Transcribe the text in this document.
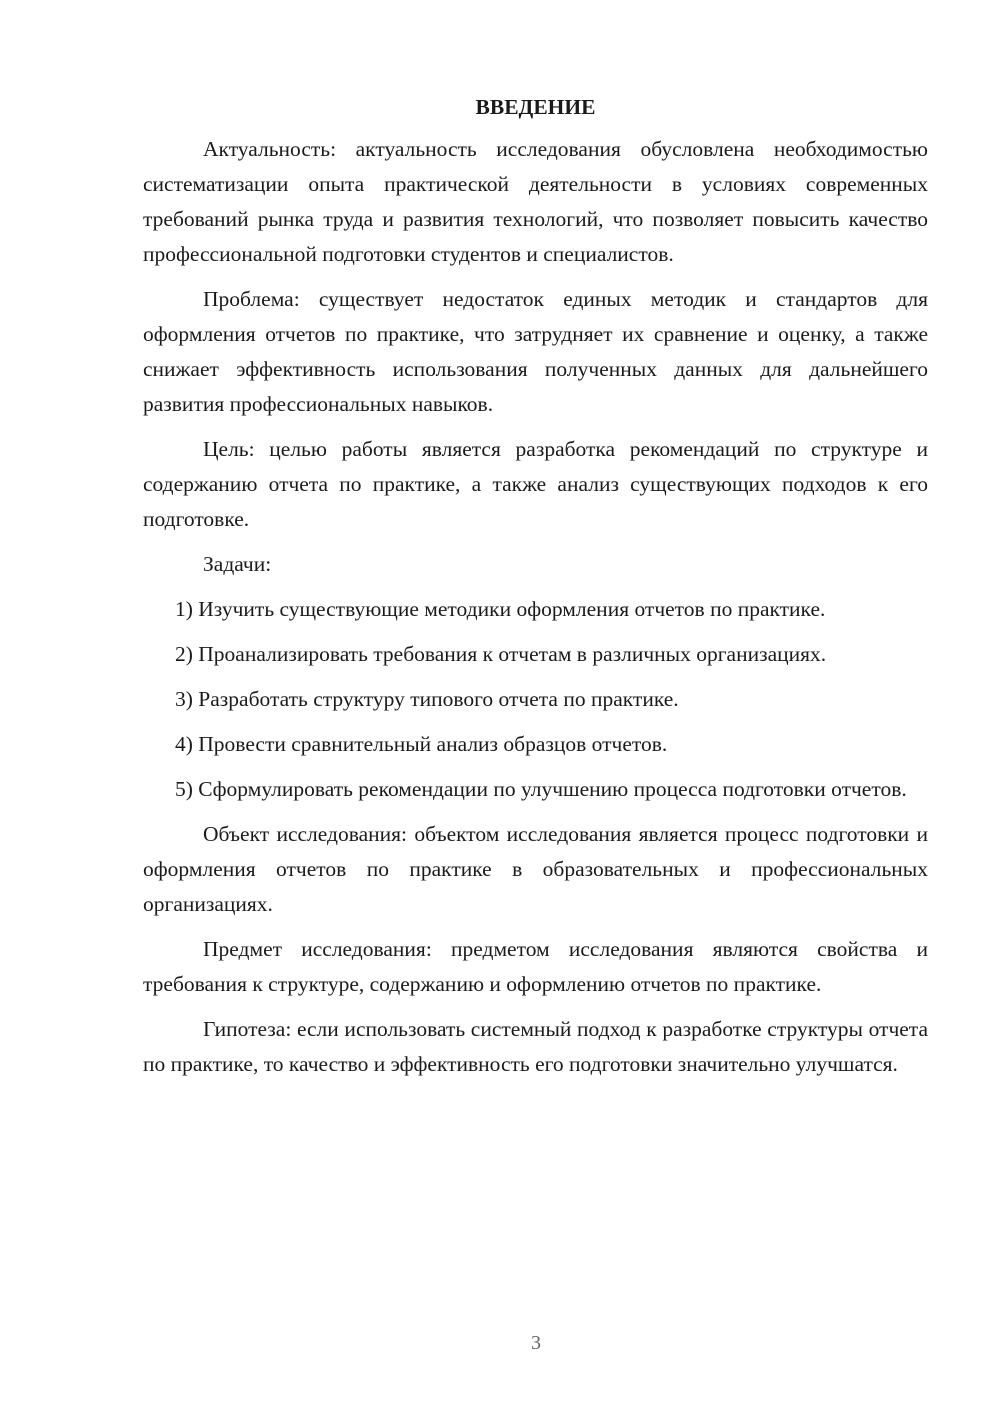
ВВЕДЕНИЕ

Актуальность: актуальность исследования обусловлена необходимостью систематизации опыта практической деятельности в условиях современных требований рынка труда и развития технологий, что позволяет повысить качество профессиональной подготовки студентов и специалистов.

Проблема: существует недостаток единых методик и стандартов для оформления отчетов по практике, что затрудняет их сравнение и оценку, а также снижает эффективность использования полученных данных для дальнейшего развития профессиональных навыков.

Цель: целью работы является разработка рекомендаций по структуре и содержанию отчета по практике, а также анализ существующих подходов к его подготовке.

Задачи:

1) Изучить существующие методики оформления отчетов по практике.

2) Проанализировать требования к отчетам в различных организациях.

3) Разработать структуру типового отчета по практике.

4) Провести сравнительный анализ образцов отчетов.

5) Сформулировать рекомендации по улучшению процесса подготовки отчетов.

Объект исследования: объектом исследования является процесс подготовки и оформления отчетов по практике в образовательных и профессиональных организациях.

Предмет исследования: предметом исследования являются свойства и требования к структуре, содержанию и оформлению отчетов по практике.

Гипотеза: если использовать системный подход к разработке структуры отчета по практике, то качество и эффективность его подготовки значительно улучшатся.

3
